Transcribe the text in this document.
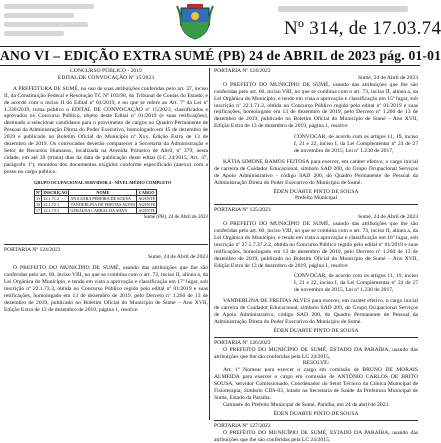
Nº 314, de 17.03.74
ANO VI – EDIÇÃO EXTRA SUMÉ (PB) 24 de ABRIL de 2023 pág. 01-01
CONCURSO PÚBLICO - 2019
EDITAL DE CONVOCAÇÃO Nº 15/2023
A PREFEITURA DE SUMÉ, no uso de suas atribuições conferidas pelo art. 37, inciso II, da Constituição Federal e Resolução TC Nº 103/98, do Tribunal de Contas do Estado, e de acordo com o inciso II do Edital nº 01/2019, e no que se refere ao Art. 7º da Lei nº 1.230/2019, torna público o EDITAL DE CONVOCAÇÃO nº 15/2023, classificados e aprovados no Concurso Público, objeto deste Edital nº 01/2019 (e suas retificações), destinado a selecionar candidatos para o provimento de cargos no Quadro Permanente de Pessoal da Administração Direta do Poder Executivo, homologado em 15 de dezembro de 2019 e publicado no Boletim Oficial do Município nº Xxx, Edição Extra de 13 de dezembro de 2019. Os convocados deverão comparecer à Secretaria da Administração e Setor de Recursos Humanos, localizada na Avenida Primeiro de Abril, nº 379, nesta cidade, em até 30 (trinta) dias da data de publicação deste edital (LC 24/2015, Art. 37, parágrafo 1º), munidos dos documentos exigidos conforme especificado (anexo) com a posse no cargo público.
GRUPO OCUPACIONAL SERVIDOR 4 - NÍVEL MÉDIO COMPLETO
Nº	INSCRIÇÃO	NOME	CARGO
15	22.1.71.2	ANA SARA PEREIRA DE SOUSA	AGENTE
16	22.1.72.1	VANDERLINA DE FREITAS ALVES	AGENTE
17	22.1.73.3	GERALDA CABRAL DA SILVA	AGENTE
Sumé (PB), 24 de Abril de 2023
PORTARIA Nº 124/2023
Sumé, 24 de Abril de 2023
O PREFEITO DO MUNICÍPIO DE SUMÉ, usando das atribuições que lhe são conferidas pelo art. 60, inciso VIII, no que se combina com o art. 73, inciso II, alínea a, da Lei Orgânica do Município, e tendo em vista a aprovação e classificação em 17º lugar, sob inscrição nº 22.1.73.3, obtida no Concurso Público regido pelo edital nº 01/2019 e suas retificações, homologado em 13 de dezembro de 2019, pelo Decreto nº 1.260 de 13 de dezembro de 2019, publicado no Boletim Oficial do Município de Sumé – Ano XVII, Edição Extra de 13 de dezembro de 2019, página 1, resolve:
PORTARIA Nº 124/2023
Sumé, 24 de Abril de 2023
O PREFEITO DO MUNICÍPIO DE SUMÉ, usando das atribuições que lhe são conferidas pelo art. 60, inciso VIII, no que se combina com o art. 73, inciso II, alínea a, da Lei Orgânica do Município, e tendo em vista a aprovação e classificação em 15º lugar, sob inscrição nº 22.1.71.2, obtida no Concurso Público regido pelo edital nº 01/2019 e suas retificações, homologado em 13 de dezembro de 2019, pelo Decreto nº 1.260 de 13 de dezembro de 2019, publicado no Boletim Oficial do Município de Sumé – Ano XVII, Edição Extra de 13 de dezembro de 2019, página 1, resolve:
CONVOCAR, de acordo com os artigos 11, 19, inciso I, 21 e 22, inciso I, da Lei Complementar nº 24 de 27 de novembro de 2015, Lei nº 1.230 de 2017,
KÁTIA SIMONE RAMOS FEITOSA para exercer, em caráter efetivo, o cargo inicial de carreira de Cuidador Educacional, símbolo SAD 200, do Grupo Ocupacional Serviços de Apoio Administrativo - código SAD 200, do Quadro Permanente de Pessoal da Administração Direta do Poder Executivo do Município de Sumé.
ÉDEN DUARTE PINTO DE SOUSA
Prefeito Municipal
PORTARIA Nº 125/2023
Sumé, 24 de Abril de 2023
O PREFEITO DO MUNICÍPIO DE SUMÉ, usando das atribuições que lhe são conferidas pelo art. 60, inciso VIII, no que se combina com o art. 73, inciso II, alínea a, da Lei Orgânica do Município, e tendo em vista a aprovação e classificação em 16º lugar, sob inscrição nº 27.5.7.37.2.2, obtida no Concurso Público regido pelo edital nº 01/2019 e suas retificações, homologado em 13 de dezembro de 2019, pelo Decreto nº 1.260 de 13 de dezembro de 2019, publicado no Boletim Oficial do Município de Sumé – Ano XVII, Edição Extra de 13 de dezembro de 2019, página 1, resolve:
CONVOCAR, de acordo com os artigos 11, 19, inciso I, 21 e 22, inciso I, da Lei Complementar nº 24 de 27 de novembro de 2015, Lei nº 1.230 de 2017,
VANDERLINA DE FREITAS ALVES para exercer, em caráter efetivo, o cargo inicial de carreira de Cuidador Educacional, símbolo SAD 209, do Grupo Ocupacional Serviços de Apoio Administrativo, código SAD 200, do Quadro Permanente de Pessoal da Administração Direta do Poder Executivo do Município de Sumé.
ÉDEN DUARTE PINTO DE SOUSA
PORTARIA Nº 126/2023
O PREFEITO DO MUNICÍPIO DE SUMÉ, ESTADO DA PARAÍBA, usando das atribuições que lhe são conferidas pela LC 24/2015,
RESOLVE:
Art. 1º Nomear para exercer o cargo em comissão de BRUNO DE MORAIS ALMEIDA para exercer o cargo em comissão de ANTÔNIO CARLOS DE BRITO SOUSA, servidor Comissionado, Coordenador do Setor Técnico da Clínica Municipal de Fisioterapia, Símbolo CDS-03, lotado na Secretaria de Saúde da Prefeitura Municipal de Sumé, Estado da Paraíba.
Gabinete do Prefeito Municipal de Sumé, Paraíba, em 24 de abril de 2023.
ÉDEN DUARTE PINTO DE SOUSA
PORTARIA Nº 127/2023
O PREFEITO DO MUNICÍPIO DE SUMÉ, ESTADO DA PARAÍBA, usando das atribuições que lhe são conferidas pela LC 24/2015,
